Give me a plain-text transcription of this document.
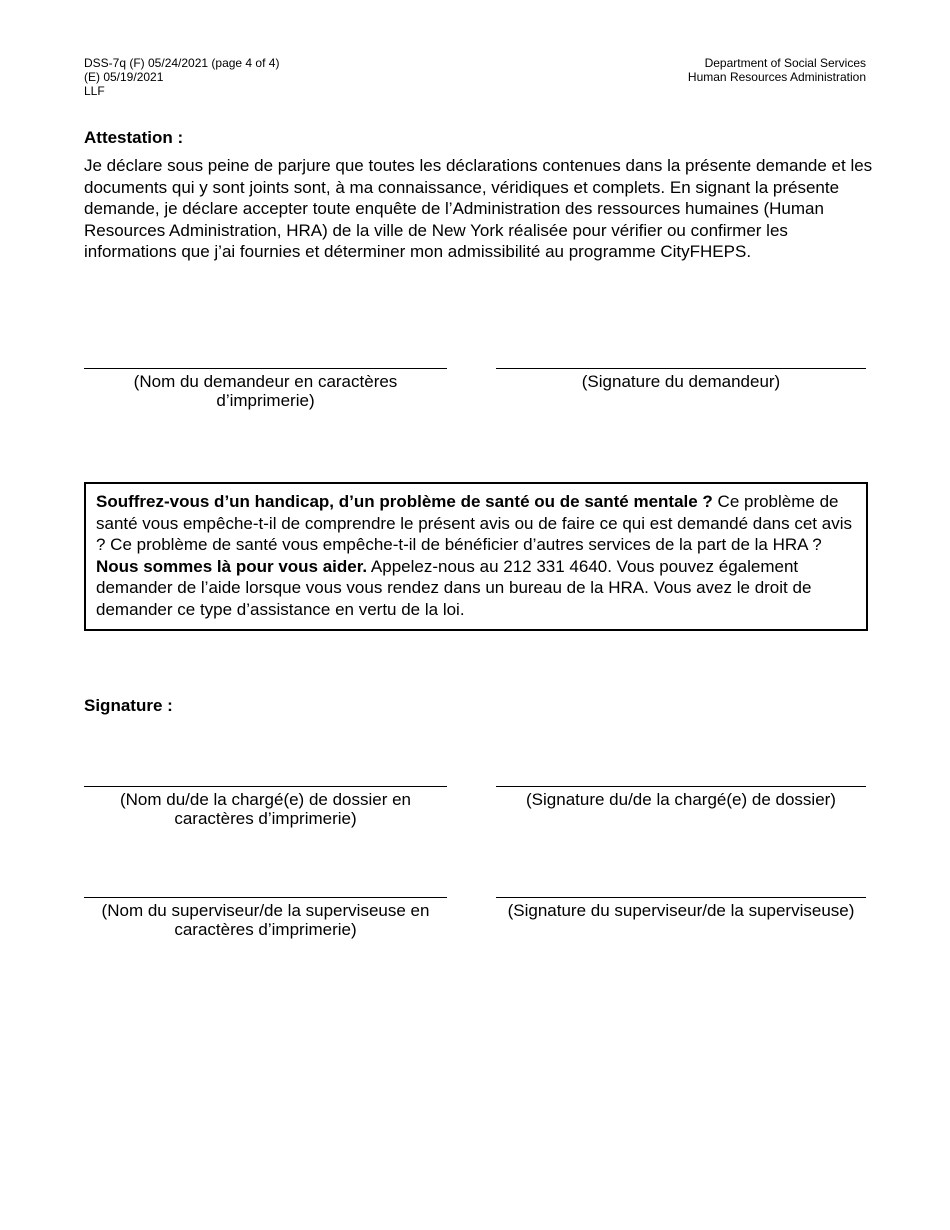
DSS-7q (F) 05/24/2021 (page 4 of 4)
(E) 05/19/2021
LLF
Department of Social Services
Human Resources Administration
Attestation :
Je déclare sous peine de parjure que toutes les déclarations contenues dans la présente demande et les documents qui y sont joints sont, à ma connaissance, véridiques et complets. En signant la présente demande, je déclare accepter toute enquête de l’Administration des ressources humaines (Human Resources Administration, HRA) de la ville de New York réalisée pour vérifier ou confirmer les informations que j’ai fournies et déterminer mon admissibilité au programme CityFHEPS.
(Nom du demandeur en caractères d’imprimerie)
(Signature du demandeur)
Souffrez-vous d’un handicap, d’un problème de santé ou de santé mentale ? Ce problème de santé vous empêche-t-il de comprendre le présent avis ou de faire ce qui est demandé dans cet avis ? Ce problème de santé vous empêche-t-il de bénéficier d’autres services de la part de la HRA ? Nous sommes là pour vous aider. Appelez-nous au 212 331 4640. Vous pouvez également demander de l’aide lorsque vous vous rendez dans un bureau de la HRA. Vous avez le droit de demander ce type d’assistance en vertu de la loi.
Signature :
(Nom du/de la chargé(e) de dossier en caractères d’imprimerie)
(Signature du/de la chargé(e) de dossier)
(Nom du superviseur/de la superviseuse en caractères d’imprimerie)
(Signature du superviseur/de la superviseuse)
